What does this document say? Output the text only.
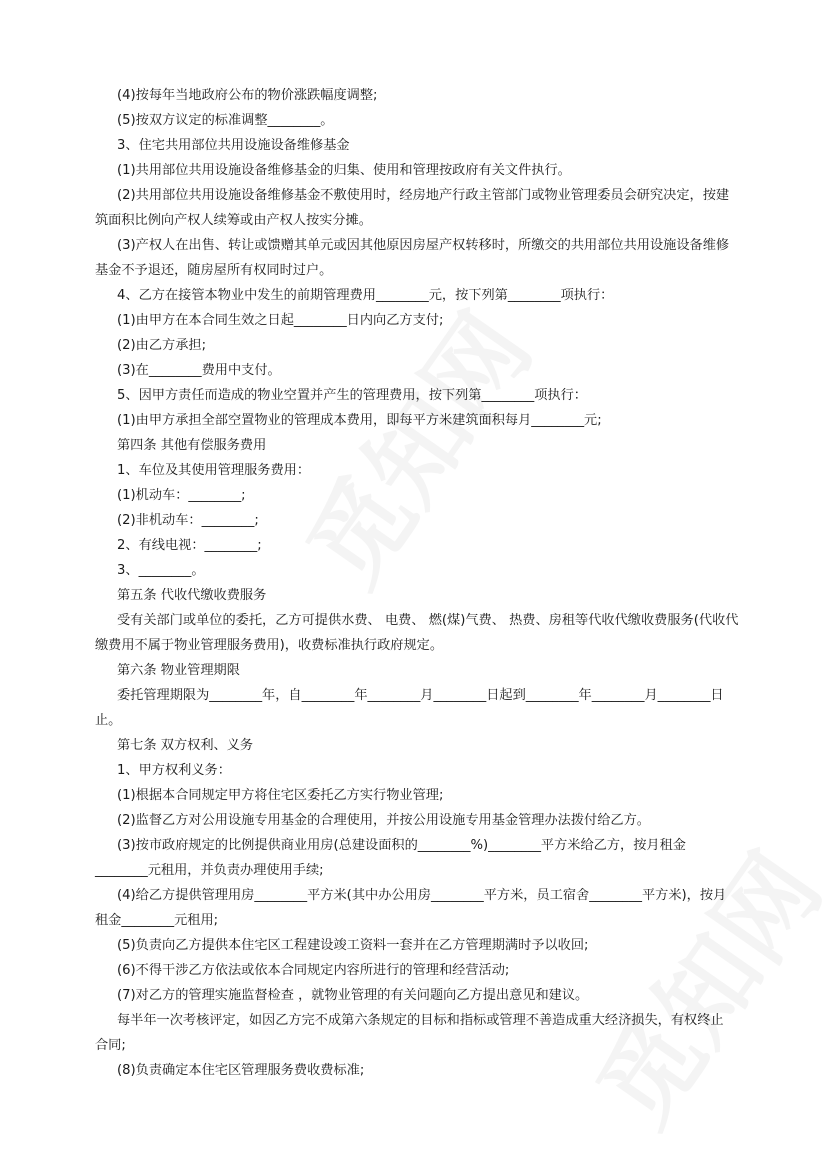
(4)按每年当地政府公布的物价涨跌幅度调整;
(5)按双方议定的标准调整________。
3、住宅共用部位共用设施设备维修基金
(1)共用部位共用设施设备维修基金的归集、使用和管理按政府有关文件执行。
(2)共用部位共用设施设备维修基金不敷使用时，经房地产行政主管部门或物业管理委员会研究决定，按建
筑面积比例向产权人续筹或由产权人按实分摊。
(3)产权人在出售、转让或馈赠其单元或因其他原因房屋产权转移时，所缴交的共用部位共用设施设备维修
基金不予退还，随房屋所有权同时过户。
4、乙方在接管本物业中发生的前期管理费用________元，按下列第________项执行：
(1)由甲方在本合同生效之日起________日内向乙方支付;
(2)由乙方承担;
(3)在________费用中支付。
5、因甲方责任而造成的物业空置并产生的管理费用，按下列第________项执行：
(1)由甲方承担全部空置物业的管理成本费用，即每平方米建筑面积每月________元;
第四条 其他有偿服务费用
1、车位及其使用管理服务费用：
(1)机动车：________;
(2)非机动车：________;
2、有线电视：________;
3、________。
第五条 代收代缴收费服务
受有关部门或单位的委托，乙方可提供水费、 电费、 燃(煤)气费、 热费、房租等代收代缴收费服务(代收代
缴费用不属于物业管理服务费用)，收费标准执行政府规定。
第六条 物业管理期限
委托管理期限为________年，自________年________月________日起到________年________月________日
止。
第七条 双方权利、义务
1、甲方权利义务：
(1)根据本合同规定甲方将住宅区委托乙方实行物业管理;
(2)监督乙方对公用设施专用基金的合理使用，并按公用设施专用基金管理办法拨付给乙方。
(3)按市政府规定的比例提供商业用房(总建设面积的________%)________平方米给乙方，按月租金
________元租用，并负责办理使用手续;
(4)给乙方提供管理用房________平方米(其中办公用房________平方米，员工宿舍________平方米)，按月
租金________元租用;
(5)负责向乙方提供本住宅区工程建设竣工资料一套并在乙方管理期满时予以收回;
(6)不得干涉乙方依法或依本合同规定内容所进行的管理和经营活动;
(7)对乙方的管理实施监督检查 ，就物业管理的有关问题向乙方提出意见和建议。
每半年一次考核评定，如因乙方完不成第六条规定的目标和指标或管理不善造成重大经济损失，有权终止
合同;
(8)负责确定本住宅区管理服务费收费标准;
